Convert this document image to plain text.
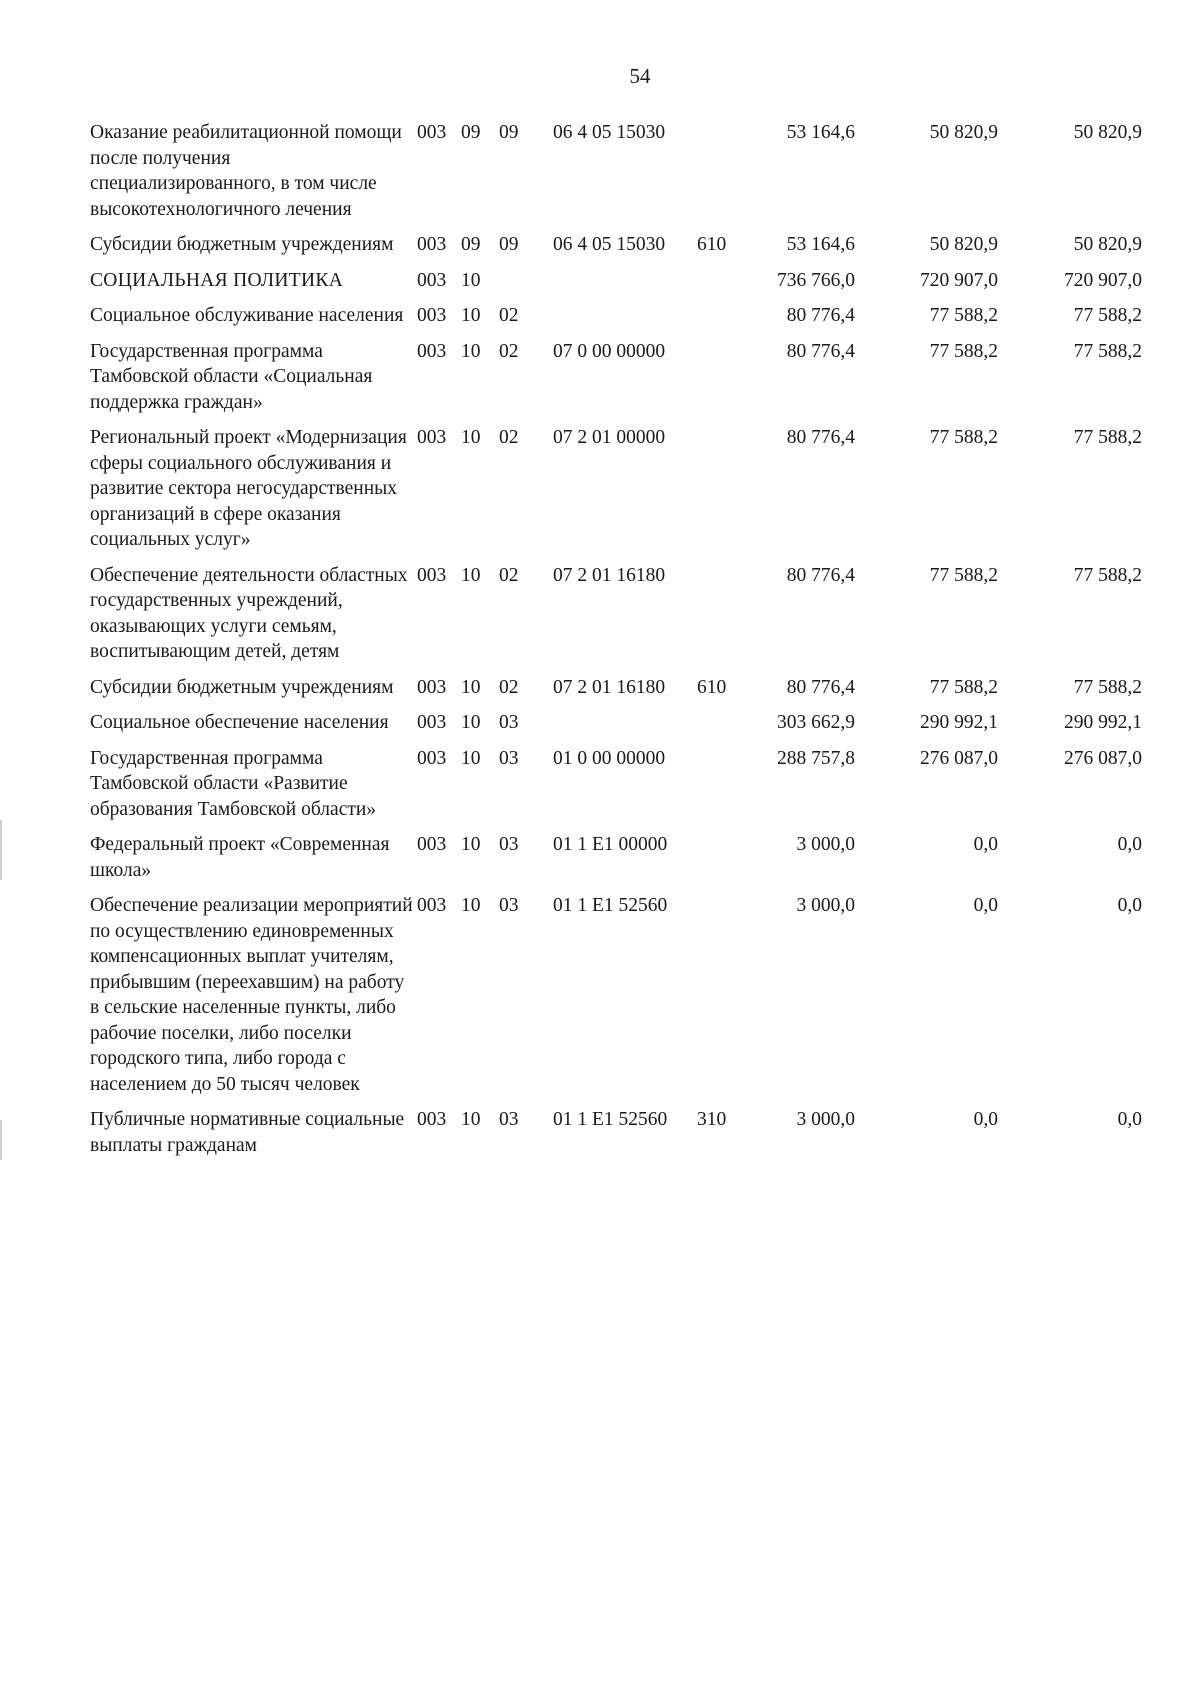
54
Оказание реабилитационной помощи после получения специализированного, в том числе высокотехнологичного лечения	003	09	09	06 4 05 15030		53 164,6	50 820,9	50 820,9
Субсидии бюджетным учреждениям	003	09	09	06 4 05 15030	610	53 164,6	50 820,9	50 820,9
СОЦИАЛЬНАЯ ПОЛИТИКА	003	10				736 766,0	720 907,0	720 907,0
Социальное обслуживание населения	003	10	02			80 776,4	77 588,2	77 588,2
Государственная программа Тамбовской области «Социальная поддержка граждан»	003	10	02	07 0 00 00000		80 776,4	77 588,2	77 588,2
Региональный проект «Модернизация сферы социального обслуживания и развитие сектора негосударственных организаций в сфере оказания социальных услуг»	003	10	02	07 2 01 00000		80 776,4	77 588,2	77 588,2
Обеспечение деятельности областных государственных учреждений, оказывающих услуги семьям, воспитывающим детей, детям	003	10	02	07 2 01 16180		80 776,4	77 588,2	77 588,2
Субсидии бюджетным учреждениям	003	10	02	07 2 01 16180	610	80 776,4	77 588,2	77 588,2
Социальное обеспечение населения	003	10	03			303 662,9	290 992,1	290 992,1
Государственная программа Тамбовской области «Развитие образования Тамбовской области»	003	10	03	01 0 00 00000		288 757,8	276 087,0	276 087,0
Федеральный проект «Современная школа»	003	10	03	01 1 E1 00000		3 000,0	0,0	0,0
Обеспечение реализации мероприятий по осуществлению единовременных компенсационных выплат учителям, прибывшим (переехавшим) на работу в сельские населенные пункты, либо рабочие поселки, либо поселки городского типа, либо города с населением до 50 тысяч человек	003	10	03	01 1 E1 52560		3 000,0	0,0	0,0
Публичные нормативные социальные выплаты гражданам	003	10	03	01 1 E1 52560	310	3 000,0	0,0	0,0
